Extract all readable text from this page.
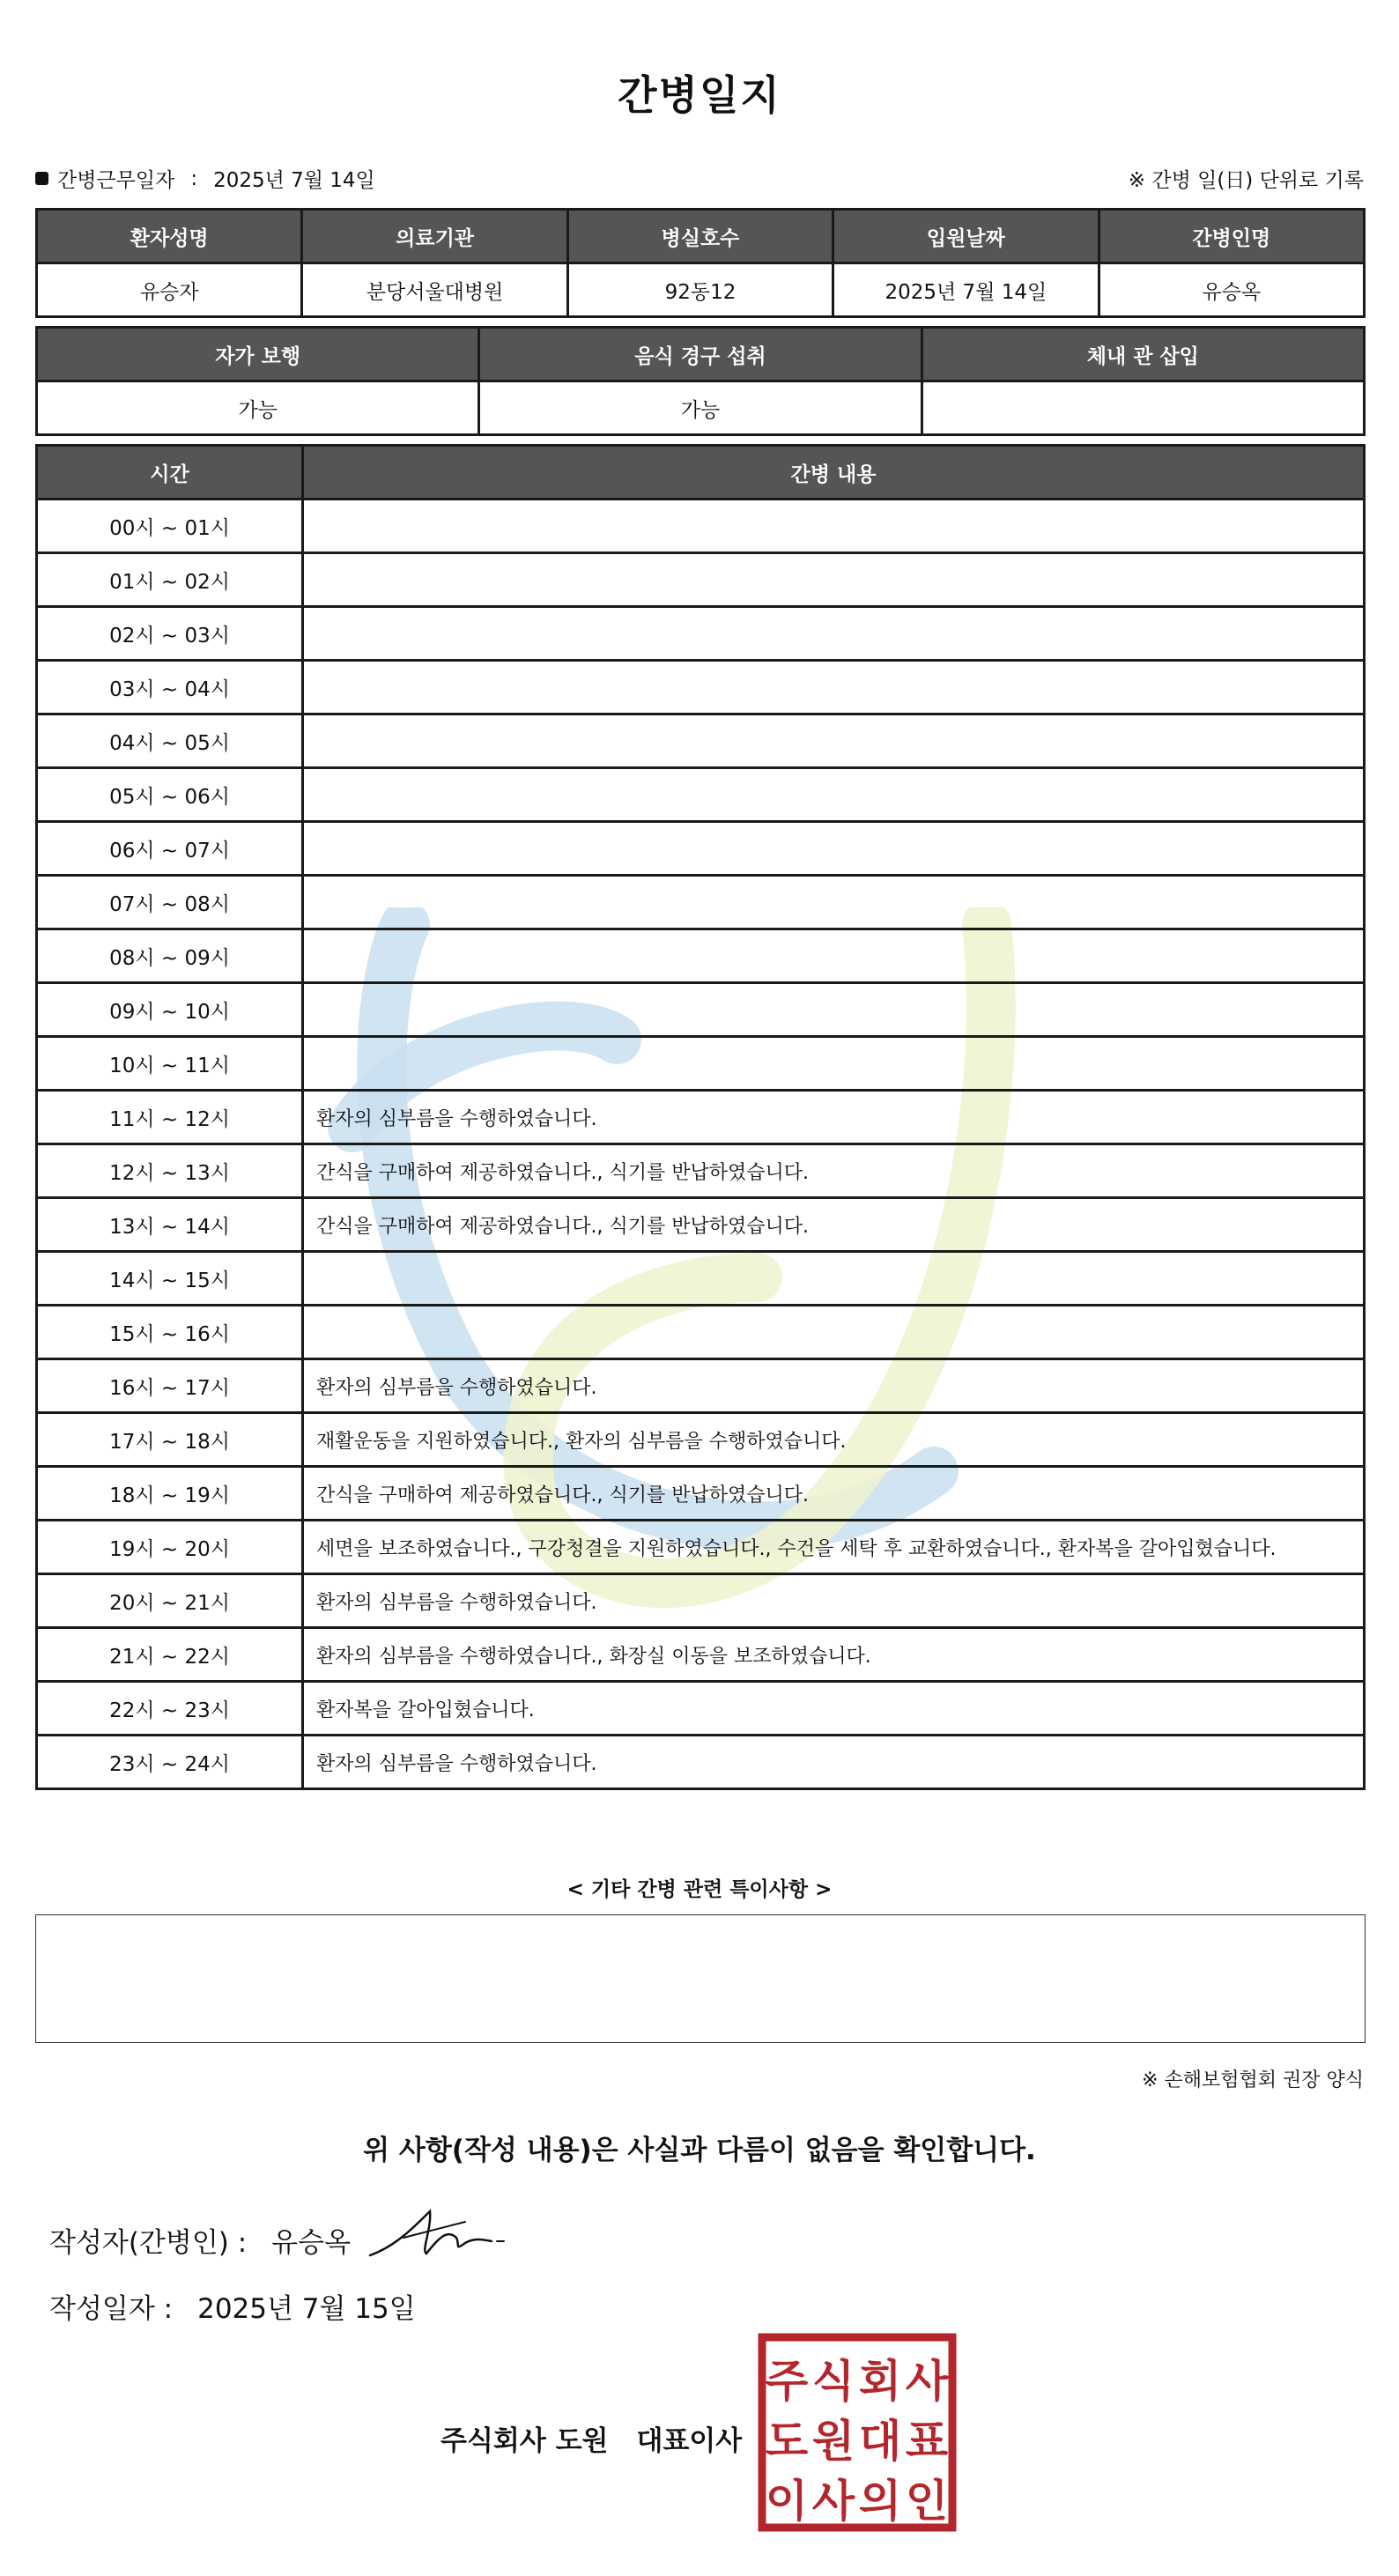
간병일지
간병근무일자 : 2025년 7월 14일	※ 간병 일(日) 단위로 기록
환자성명	의료기관	병실호수	입원날짜	간병인명
유승자	분당서울대병원	92동12	2025년 7월 14일	유승옥
자가 보행	음식 경구 섭취	체내 관 삽입
가능	가능	
시간	간병 내용
00시 ~ 01시	
01시 ~ 02시	
02시 ~ 03시	
03시 ~ 04시	
04시 ~ 05시	
05시 ~ 06시	
06시 ~ 07시	
07시 ~ 08시	
08시 ~ 09시	
09시 ~ 10시	
10시 ~ 11시	
11시 ~ 12시	환자의 심부름을 수행하였습니다.
12시 ~ 13시	간식을 구매하여 제공하였습니다., 식기를 반납하였습니다.
13시 ~ 14시	간식을 구매하여 제공하였습니다., 식기를 반납하였습니다.
14시 ~ 15시	
15시 ~ 16시	
16시 ~ 17시	환자의 심부름을 수행하였습니다.
17시 ~ 18시	재활운동을 지원하였습니다., 환자의 심부름을 수행하였습니다.
18시 ~ 19시	간식을 구매하여 제공하였습니다., 식기를 반납하였습니다.
19시 ~ 20시	세면을 보조하였습니다., 구강청결을 지원하였습니다., 수건을 세탁 후 교환하였습니다., 환자복을 갈아입혔습니다.
20시 ~ 21시	환자의 심부름을 수행하였습니다.
21시 ~ 22시	환자의 심부름을 수행하였습니다., 화장실 이동을 보조하였습니다.
22시 ~ 23시	환자복을 갈아입혔습니다.
23시 ~ 24시	환자의 심부름을 수행하였습니다.
< 기타 간병 관련 특이사항 >
※ 손해보험협회 권장 양식
위 사항(작성 내용)은 사실과 다름이 없음을 확인합니다.
작성자(간병인) : 유승옥
작성일자 : 2025년 7월 15일
주식회사 도원 대표이사
주 식 회 사
도 원 대 표
이 사 의 인
